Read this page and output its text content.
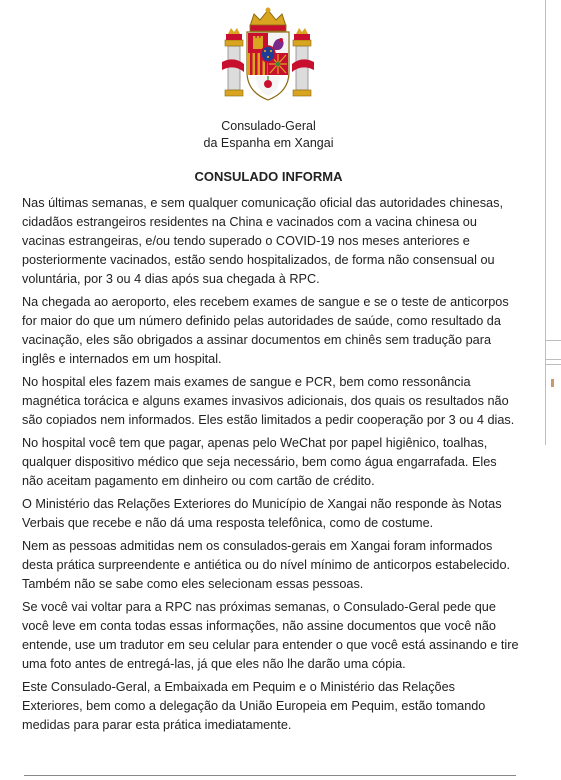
Consulado-Geral
da Espanha em Xangai
CONSULADO INFORMA

Nas últimas semanas, e sem qualquer comunicação oficial das autoridades chinesas, cidadãos estrangeiros residentes na China e vacinados com a vacina chinesa ou vacinas estrangeiras, e/ou tendo superado o COVID-19 nos meses anteriores e posteriormente vacinados, estão sendo hospitalizados, de forma não consensual ou voluntária, por 3 ou 4 dias após sua chegada à RPC.

Na chegada ao aeroporto, eles recebem exames de sangue e se o teste de anticorpos for maior do que um número definido pelas autoridades de saúde, como resultado da vacinação, eles são obrigados a assinar documentos em chinês sem tradução para inglês e internados em um hospital.

No hospital eles fazem mais exames de sangue e PCR, bem como ressonância magnética torácica e alguns exames invasivos adicionais, dos quais os resultados não são copiados nem informados. Eles estão limitados a pedir cooperação por 3 ou 4 dias.

No hospital você tem que pagar, apenas pelo WeChat por papel higiênico, toalhas, qualquer dispositivo médico que seja necessário, bem como água engarrafada. Eles não aceitam pagamento em dinheiro ou com cartão de crédito.

O Ministério das Relações Exteriores do Município de Xangai não responde às Notas Verbais que recebe e não dá uma resposta telefônica, como de costume.

Nem as pessoas admitidas nem os consulados-gerais em Xangai foram informados desta prática surpreendente e antiética ou do nível mínimo de anticorpos estabelecido. Também não se sabe como eles selecionam essas pessoas.

Se você vai voltar para a RPC nas próximas semanas, o Consulado-Geral pede que você leve em conta todas essas informações, não assine documentos que você não entende, use um tradutor em seu celular para entender o que você está assinando e tire uma foto antes de entregá-las, já que eles não lhe darão uma cópia.

Este Consulado-Geral, a Embaixada em Pequim e o Ministério das Relações Exteriores, bem como a delegação da União Europeia em Pequim, estão tomando medidas para parar esta prática imediatamente.
